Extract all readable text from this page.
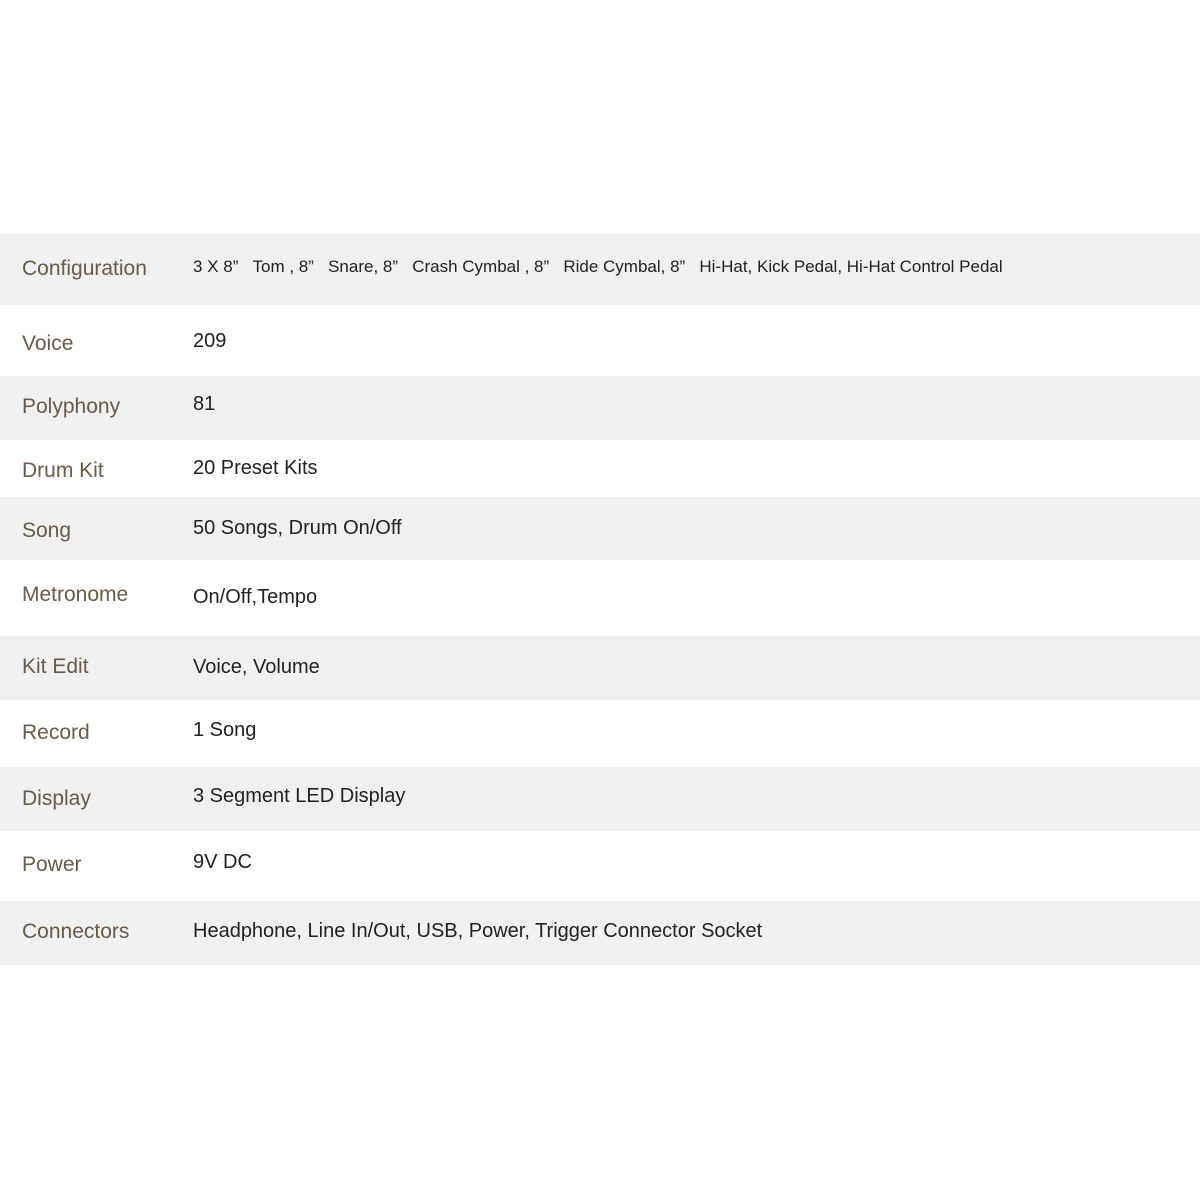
Configuration	3 X 8”   Tom , 8”   Snare, 8”   Crash Cymbal , 8”   Ride Cymbal, 8”   Hi-Hat, Kick Pedal, Hi-Hat Control Pedal
Voice	209
Polyphony	81
Drum Kit	20 Preset Kits
Song	50 Songs, Drum On/Off
Metronome	On/Off,Tempo
Kit Edit	Voice, Volume
Record	1 Song
Display	3 Segment LED Display
Power	9V DC
Connectors	Headphone, Line In/Out, USB, Power, Trigger Connector Socket
